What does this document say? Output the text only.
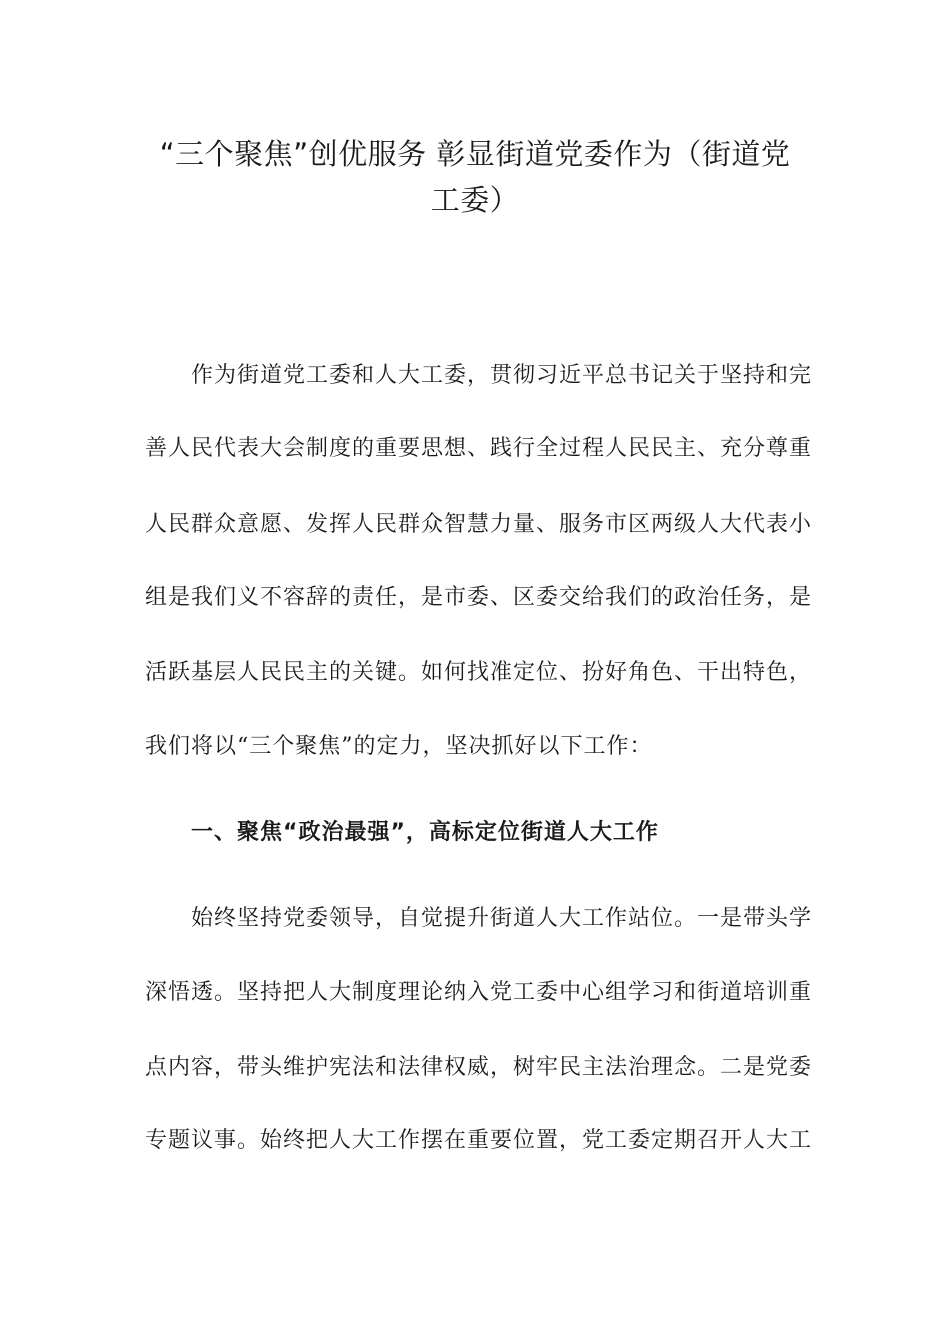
“三个聚焦”创优服务 彰显街道党委作为（街道党
工委）

作为街道党工委和人大工委，贯彻习近平总书记关于坚持和完

善人民代表大会制度的重要思想、践行全过程人民民主、充分尊重

人民群众意愿、发挥人民群众智慧力量、服务市区两级人大代表小

组是我们义不容辞的责任，是市委、区委交给我们的政治任务，是

活跃基层人民民主的关键。如何找准定位、扮好角色、干出特色，

我们将以“三个聚焦”的定力，坚决抓好以下工作：

一、聚焦“政治最强”，高标定位街道人大工作

始终坚持党委领导，自觉提升街道人大工作站位。一是带头学

深悟透。坚持把人大制度理论纳入党工委中心组学习和街道培训重

点内容，带头维护宪法和法律权威，树牢民主法治理念。二是党委

专题议事。始终把人大工作摆在重要位置，党工委定期召开人大工
